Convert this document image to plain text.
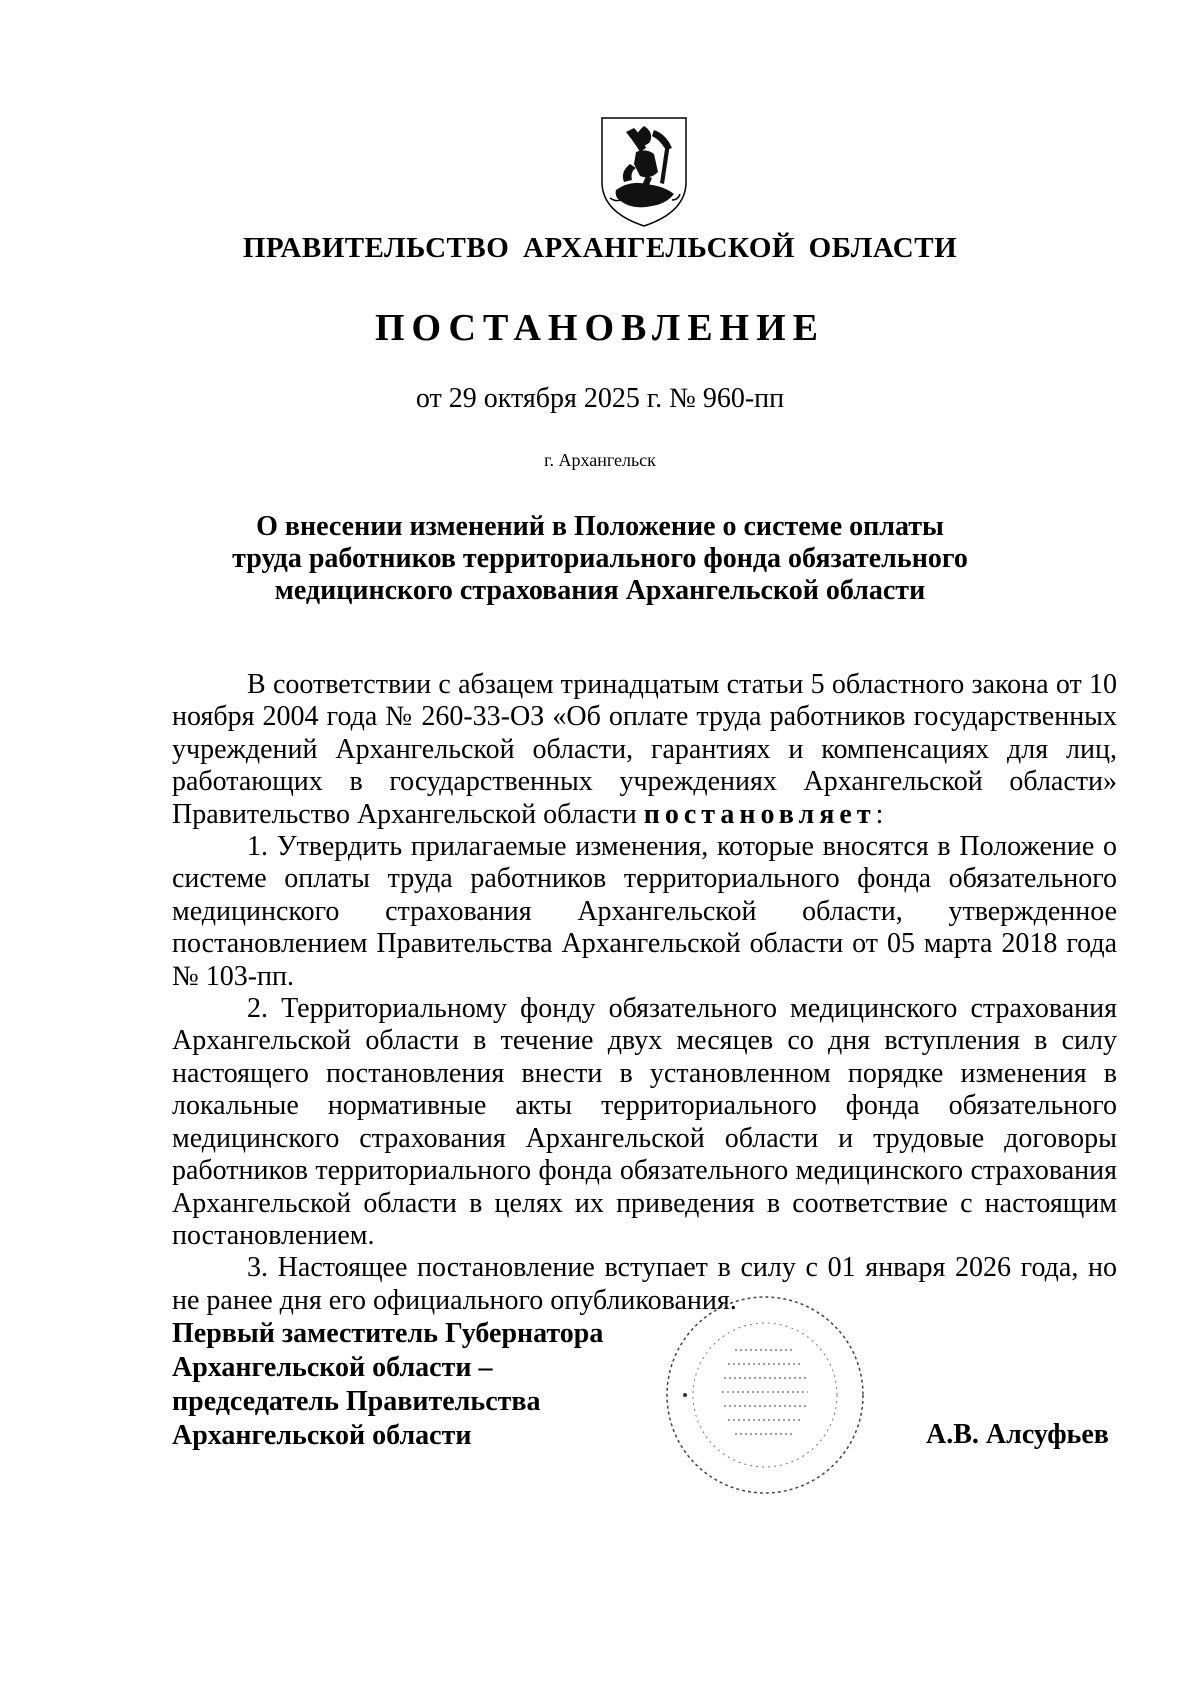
ПРАВИТЕЛЬСТВО АРХАНГЕЛЬСКОЙ ОБЛАСТИ
ПОСТАНОВЛЕНИЕ
от 29 октября 2025 г. № 960-пп
г. Архангельск
О внесении изменений в Положение о системе оплаты
труда работников территориального фонда обязательного
медицинского страхования Архангельской области

В соответствии с абзацем тринадцатым статьи 5 областного закона от 10 ноября 2004 года № 260-33-ОЗ «Об оплате труда работников государственных учреждений Архангельской области, гарантиях и компенсациях для лиц, работающих в государственных учреждениях Архангельской области» Правительство Архангельской области постановляет:

1. Утвердить прилагаемые изменения, которые вносятся в Положение о системе оплаты труда работников территориального фонда обязательного медицинского страхования Архангельской области, утвержденное постановлением Правительства Архангельской области от 05 марта 2018 года № 103-пп.

2. Территориальному фонду обязательного медицинского страхования Архангельской области в течение двух месяцев со дня вступления в силу настоящего постановления внести в установленном порядке изменения в локальные нормативные акты территориального фонда обязательного медицинского страхования Архангельской области и трудовые договоры работников территориального фонда обязательного медицинского страхования Архангельской области в целях их приведения в соответствие с настоящим постановлением.

3. Настоящее постановление вступает в силу с 01 января 2026 года, но не ранее дня его официального опубликования.

Первый заместитель Губернатора
Архангельской области –
председатель Правительства
Архангельской области	А.В. Алсуфьев
